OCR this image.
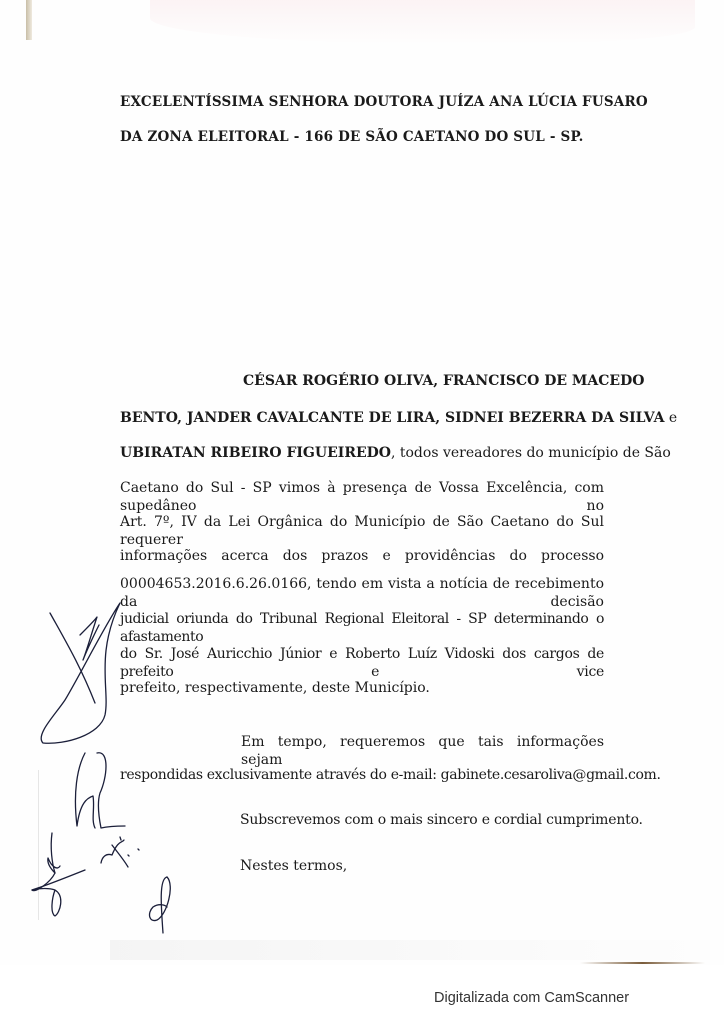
EXCELENTÍSSIMA SENHORA DOUTORA JUÍZA ANA LÚCIA FUSARO
DA ZONA ELEITORAL - 166 DE SÃO CAETANO DO SUL - SP.
CÉSAR ROGÉRIO OLIVA, FRANCISCO DE MACEDO
BENTO, JANDER CAVALCANTE DE LIRA, SIDNEI BEZERRA DA SILVA e
UBIRATAN RIBEIRO FIGUEIREDO, todos vereadores do município de São
Caetano do Sul - SP vimos à presença de Vossa Excelência, com supedâneo no
Art. 7º, IV da Lei Orgânica do Município de São Caetano do Sul requerer
informações acerca dos prazos e providências do processo
00004653.2016.6.26.0166, tendo em vista a notícia de recebimento da decisão
judicial oriunda do Tribunal Regional Eleitoral - SP determinando o afastamento
do Sr. José Auricchio Júnior e Roberto Luíz Vidoski dos cargos de prefeito e vice
prefeito, respectivamente, deste Município.
Em tempo, requeremos que tais informações sejam
respondidas exclusivamente através do e-mail: gabinete.cesaroliva@gmail.com.
Subscrevemos com o mais sincero e cordial cumprimento.
Nestes termos,
Digitalizada com CamScanner
